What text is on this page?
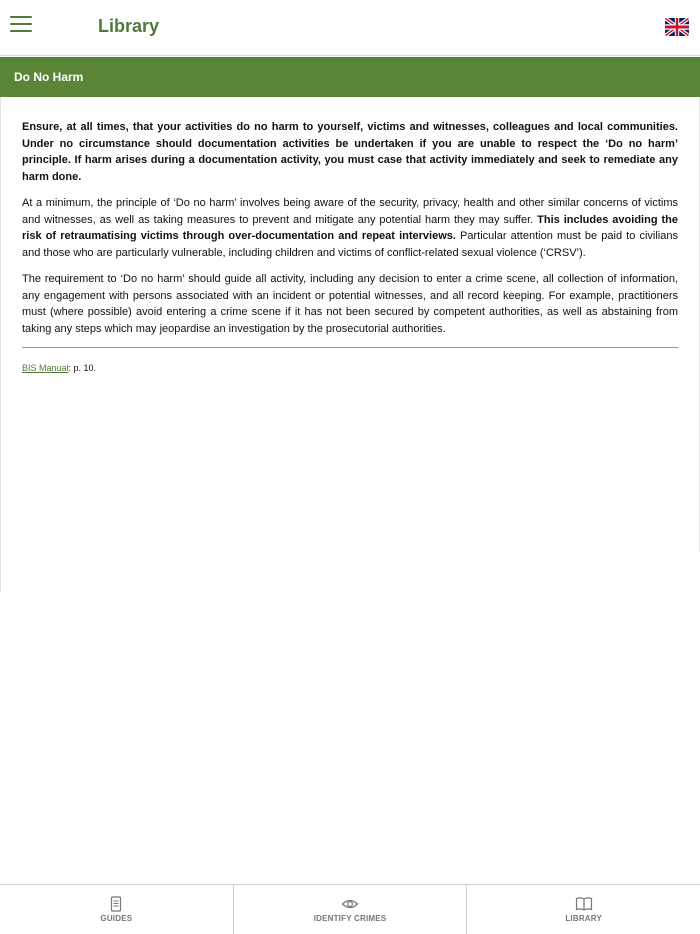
Library
Do No Harm

Ensure, at all times, that your activities do no harm to yourself, victims and witnesses, colleagues and local communities. Under no circumstance should documentation activities be undertaken if you are unable to respect the ‘Do no harm’ principle. If harm arises during a documentation activity, you must case that activity immediately and seek to remediate any harm done.

At a minimum, the principle of ‘Do no harm’ involves being aware of the security, privacy, health and other similar concerns of victims and witnesses, as well as taking measures to prevent and mitigate any potential harm they may suffer. This includes avoiding the risk of retraumatising victims through over-documentation and repeat interviews. Particular attention must be paid to civilians and those who are particularly vulnerable, including children and victims of conflict-related sexual violence (‘CRSV’).

The requirement to ‘Do no harm’ should guide all activity, including any decision to enter a crime scene, all collection of information, any engagement with persons associated with an incident or potential witnesses, and all record keeping. For example, practitioners must (where possible) avoid entering a crime scene if it has not been secured by competent authorities, as well as abstaining from taking any steps which may jeopardise an investigation by the prosecutorial authorities.

BIS Manual: p. 10.

GUIDES	IDENTIFY CRIMES	LIBRARY
